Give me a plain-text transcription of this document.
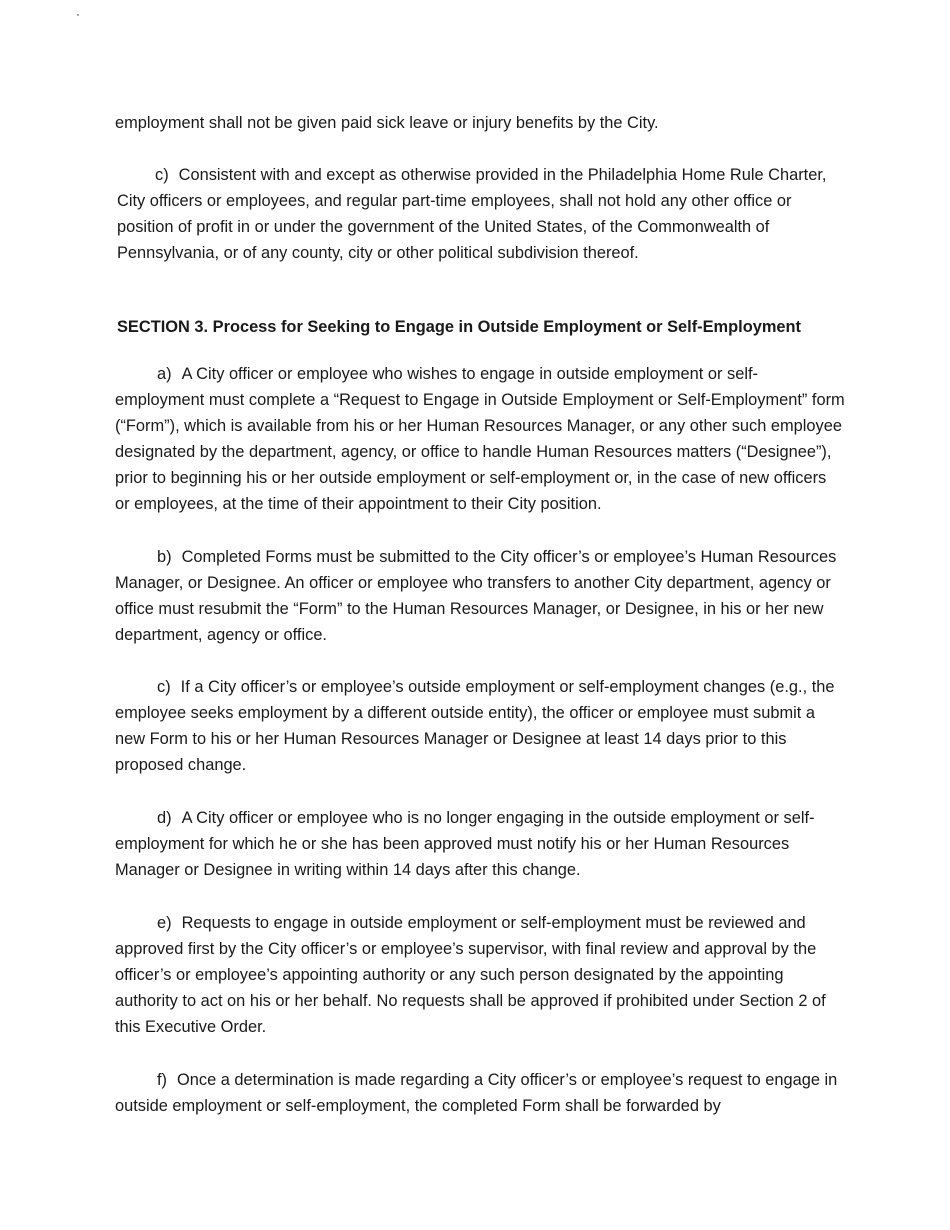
employment shall not be given paid sick leave or injury benefits by the City.

c) Consistent with and except as otherwise provided in the Philadelphia Home Rule Charter, City officers or employees, and regular part-time employees, shall not hold any other office or position of profit in or under the government of the United States, of the Commonwealth of Pennsylvania, or of any county, city or other political subdivision thereof.

SECTION 3. Process for Seeking to Engage in Outside Employment or Self-Employment

a) A City officer or employee who wishes to engage in outside employment or self-employment must complete a “Request to Engage in Outside Employment or Self-Employment” form (“Form”), which is available from his or her Human Resources Manager, or any other such employee designated by the department, agency, or office to handle Human Resources matters (“Designee”), prior to beginning his or her outside employment or self-employment or, in the case of new officers or employees, at the time of their appointment to their City position.

b) Completed Forms must be submitted to the City officer’s or employee’s Human Resources Manager, or Designee. An officer or employee who transfers to another City department, agency or office must resubmit the “Form” to the Human Resources Manager, or Designee, in his or her new department, agency or office.

c) If a City officer’s or employee’s outside employment or self-employment changes (e.g., the employee seeks employment by a different outside entity), the officer or employee must submit a new Form to his or her Human Resources Manager or Designee at least 14 days prior to this proposed change.

d) A City officer or employee who is no longer engaging in the outside employment or self-employment for which he or she has been approved must notify his or her Human Resources Manager or Designee in writing within 14 days after this change.

e) Requests to engage in outside employment or self-employment must be reviewed and approved first by the City officer’s or employee’s supervisor, with final review and approval by the officer’s or employee’s appointing authority or any such person designated by the appointing authority to act on his or her behalf. No requests shall be approved if prohibited under Section 2 of this Executive Order.

f) Once a determination is made regarding a City officer’s or employee’s request to engage in outside employment or self-employment, the completed Form shall be forwarded by
